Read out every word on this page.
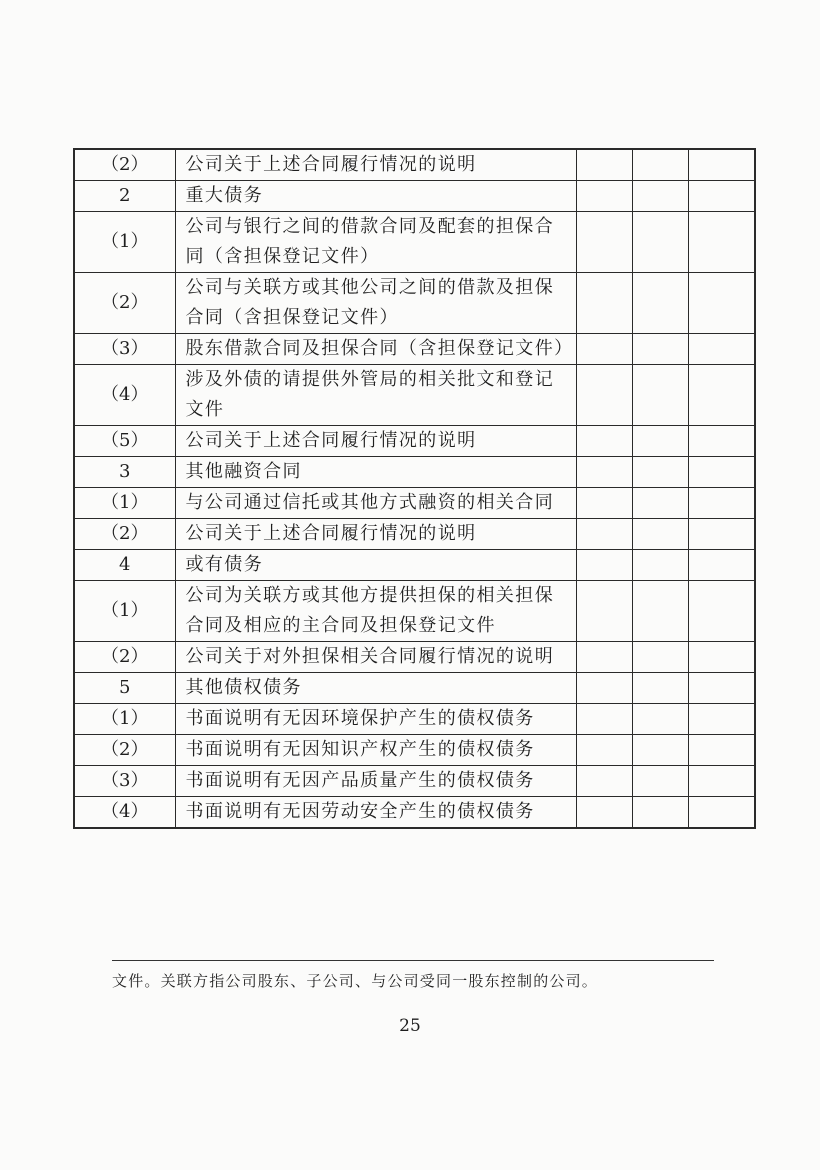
（2）	公司关于上述合同履行情况的说明			
2	重大债务			
（1）	公司与银行之间的借款合同及配套的担保合同（含担保登记文件）			
（2）	公司与关联方或其他公司之间的借款及担保合同（含担保登记文件）			
（3）	股东借款合同及担保合同（含担保登记文件）			
（4）	涉及外债的请提供外管局的相关批文和登记文件			
（5）	公司关于上述合同履行情况的说明			
3	其他融资合同			
（1）	与公司通过信托或其他方式融资的相关合同			
（2）	公司关于上述合同履行情况的说明			
4	或有债务			
（1）	公司为关联方或其他方提供担保的相关担保合同及相应的主合同及担保登记文件			
（2）	公司关于对外担保相关合同履行情况的说明			
5	其他债权债务			
（1）	书面说明有无因环境保护产生的债权债务			
（2）	书面说明有无因知识产权产生的债权债务			
（3）	书面说明有无因产品质量产生的债权债务			
（4）	书面说明有无因劳动安全产生的债权债务			
文件。关联方指公司股东、子公司、与公司受同一股东控制的公司。
25
